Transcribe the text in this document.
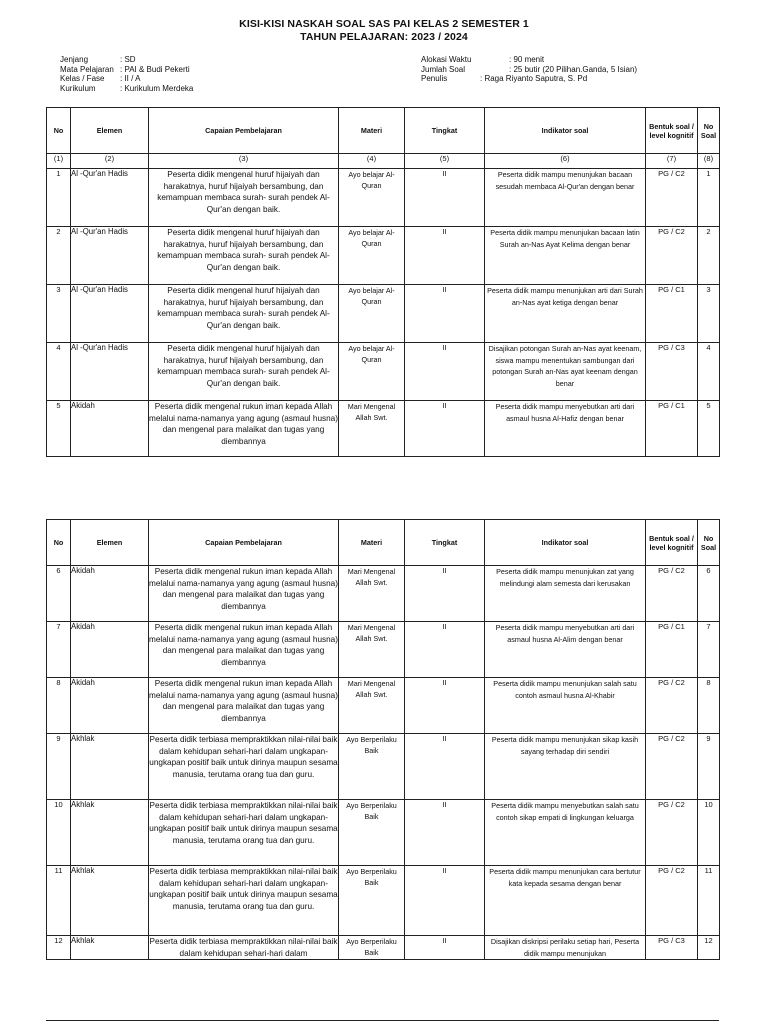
KISI-KISI NASKAH SOAL SAS PAI KELAS 2 SEMESTER 1
TAHUN PELAJARAN: 2023 / 2024
Jenjang	: SD
Mata Pelajaran : PAI & Budi Pekerti
Kelas / Fase : II / A
Kurikulum	: Kurikulum Merdeka
Alokasi Waktu	: 90 menit
Jumlah Soal	: 25 butir (20 Pilihan.Ganda, 5 Isian)
Penulis	: Raga Riyanto Saputra, S. Pd
No	Elemen	Capaian Pembelajaran	Materi	Tingkat	Indikator soal	Bentuk soal / level kognitif	No Soal
(1)	(2)	(3)	(4)	(5)	(6)	(7)	(8)
1	Al -Qur'an Hadis	Peserta didik mengenal huruf hijaiyah dan harakatnya, huruf hijaiyah bersambung, dan kemampuan membaca surah- surah pendek Al-Qur'an dengan baik.	Ayo belajar Al-Quran	II	Peserta didik mampu menunjukan bacaan sesudah membaca Al-Qur'an dengan benar	PG / C2	1
2	Al -Qur'an Hadis	Peserta didik mengenal huruf hijaiyah dan harakatnya, huruf hijaiyah bersambung, dan kemampuan membaca surah- surah pendek Al-Qur'an dengan baik.	Ayo belajar Al-Quran	II	Peserta didik mampu menunjukan bacaan latin Surah an-Nas Ayat Kelima dengan benar	PG / C2	2
3	Al -Qur'an Hadis	Peserta didik mengenal huruf hijaiyah dan harakatnya, huruf hijaiyah bersambung, dan kemampuan membaca surah- surah pendek Al-Qur'an dengan baik.	Ayo belajar Al-Quran	II	Peserta didik mampu menunjukan arti dari Surah an-Nas ayat ketiga dengan benar	PG / C1	3
4	Al -Qur'an Hadis	Peserta didik mengenal huruf hijaiyah dan harakatnya, huruf hijaiyah bersambung, dan kemampuan membaca surah- surah pendek Al-Qur'an dengan baik.	Ayo belajar Al-Quran	II	Disajikan potongan Surah an-Nas ayat keenam, siswa mampu menentukan sambungan dari potongan Surah an-Nas ayat keenam dengan benar	PG / C3	4
5	Akidah	Peserta didik mengenal rukun iman kepada Allah melalui nama-namanya yang agung (asmaul husna) dan mengenal para malaikat dan tugas yang diembannya	Mari Mengenal Allah Swt.	II	Peserta didik mampu menyebutkan arti dari asmaul husna Al-Hafiz dengan benar	PG / C1	5
No	Elemen	Capaian Pembelajaran	Materi	Tingkat	Indikator soal	Bentuk soal / level kognitif	No Soal
6	Akidah	Peserta didik mengenal rukun iman kepada Allah melalui nama-namanya yang agung (asmaul husna) dan mengenal para malaikat dan tugas yang diembannya	Mari Mengenal Allah Swt.	II	Peserta didik mampu menunjukan zat yang melindungi alam semesta dari kerusakan	PG / C2	6
7	Akidah	Peserta didik mengenal rukun iman kepada Allah melalui nama-namanya yang agung (asmaul husna) dan mengenal para malaikat dan tugas yang diembannya	Mari Mengenal Allah Swt.	II	Peserta didik mampu menyebutkan arti dari asmaul husna Al-Alim dengan benar	PG / C1	7
8	Akidah	Peserta didik mengenal rukun iman kepada Allah melalui nama-namanya yang agung (asmaul husna) dan mengenal para malaikat dan tugas yang diembannya	Mari Mengenal Allah Swt.	II	Peserta didik mampu menunjukan salah satu contoh asmaul husna Al-Khabir	PG / C2	8
9	Akhlak	Peserta didik terbiasa mempraktikkan nilai-nilai baik dalam kehidupan sehari-hari dalam ungkapan-ungkapan positif baik untuk dirinya maupun sesama manusia, terutama orang tua dan guru.	Ayo Berperilaku Baik	II	Peserta didik mampu menunjukan sikap kasih sayang terhadap diri sendiri	PG / C2	9
10	Akhlak	Peserta didik terbiasa mempraktikkan nilai-nilai baik dalam kehidupan sehari-hari dalam ungkapan-ungkapan positif baik untuk dirinya maupun sesama manusia, terutama orang tua dan guru.	Ayo Berperilaku Baik	II	Peserta didik mampu menyebutkan salah satu contoh sikap empati di lingkungan keluarga	PG / C2	10
11	Akhlak	Peserta didik terbiasa mempraktikkan nilai-nilai baik dalam kehidupan sehari-hari dalam ungkapan-ungkapan positif baik untuk dirinya maupun sesama manusia, terutama orang tua dan guru.	Ayo Berperilaku Baik	II	Peserta didik mampu menunjukan cara bertutur kata kepada sesama dengan benar	PG / C2	11
12	Akhlak	Peserta didik terbiasa mempraktikkan nilai-nilai baik dalam kehidupan sehari-hari dalam	Ayo Berperilaku Baik	II	Disajikan diskripsi perilaku setiap hari, Peserta didik mampu menunjukan	PG / C3	12
